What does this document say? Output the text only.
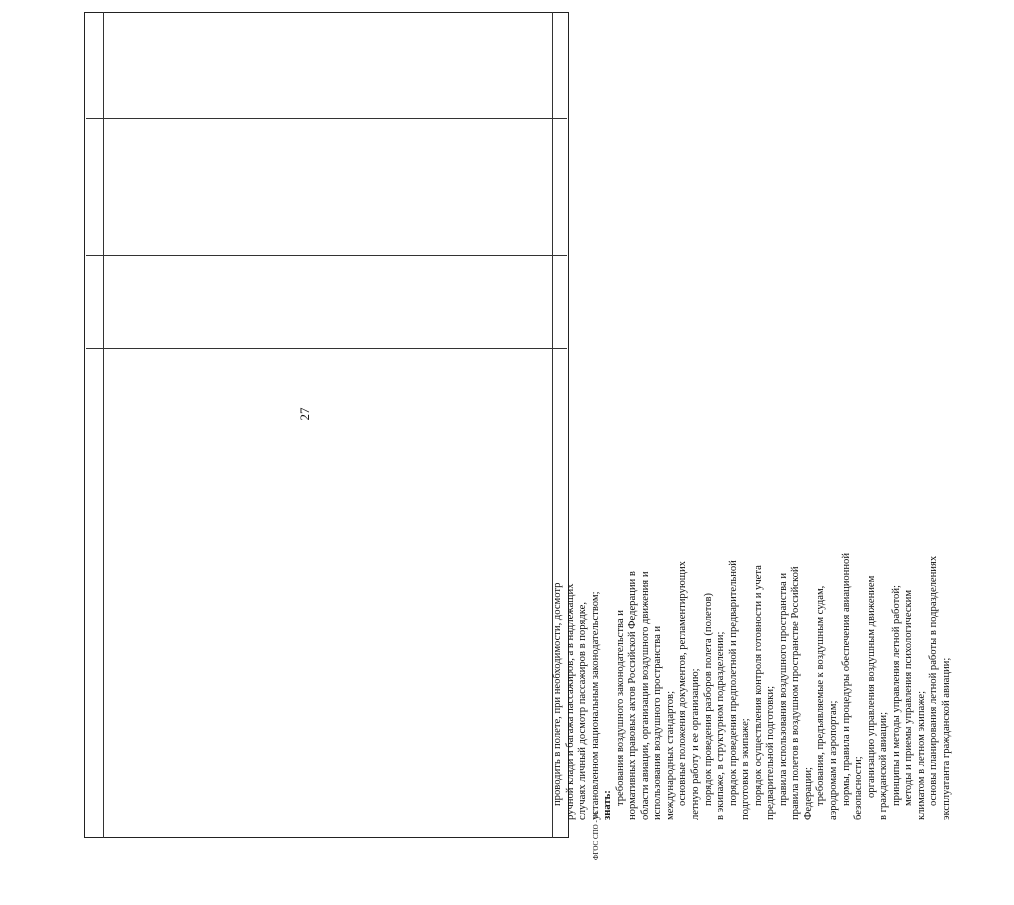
27
проводить в полете, при необходимости, досмотр ручной клади и багажа пассажиров, а в надлежащих случаях личный досмотр пассажиров в порядке, установленном национальным законодательством; знать: требования воздушного законодательства и нормативных правовых актов Российской Федерации в области авиации, организации воздушного движения и использования воздушного пространства и международных стандартов; основные положения документов, регламентирующих летную работу и ее организацию; порядок проведения разборов полета (полетов) в экипаже, в структурном подразделении; порядок проведения предполетной и предварительной подготовки в экипаже; порядок осуществления контроля готовности и учета предварительной подготовки; правила использования воздушного пространства и правила полетов в воздушном пространстве Российской Федерации; требования, предъявляемые к воздушным судам, аэродромам и аэропортам; нормы, правила и процедуры обеспечения авиационной безопасности; организацию управления воздушным движением в гражданской авиации; принципы и методы управления летной работой; методы и приемы управления психологическим климатом в летном экипаже; основы планирования летной работы в подразделениях эксплуатанта гражданской авиации;
ФГОС СПО - 06
